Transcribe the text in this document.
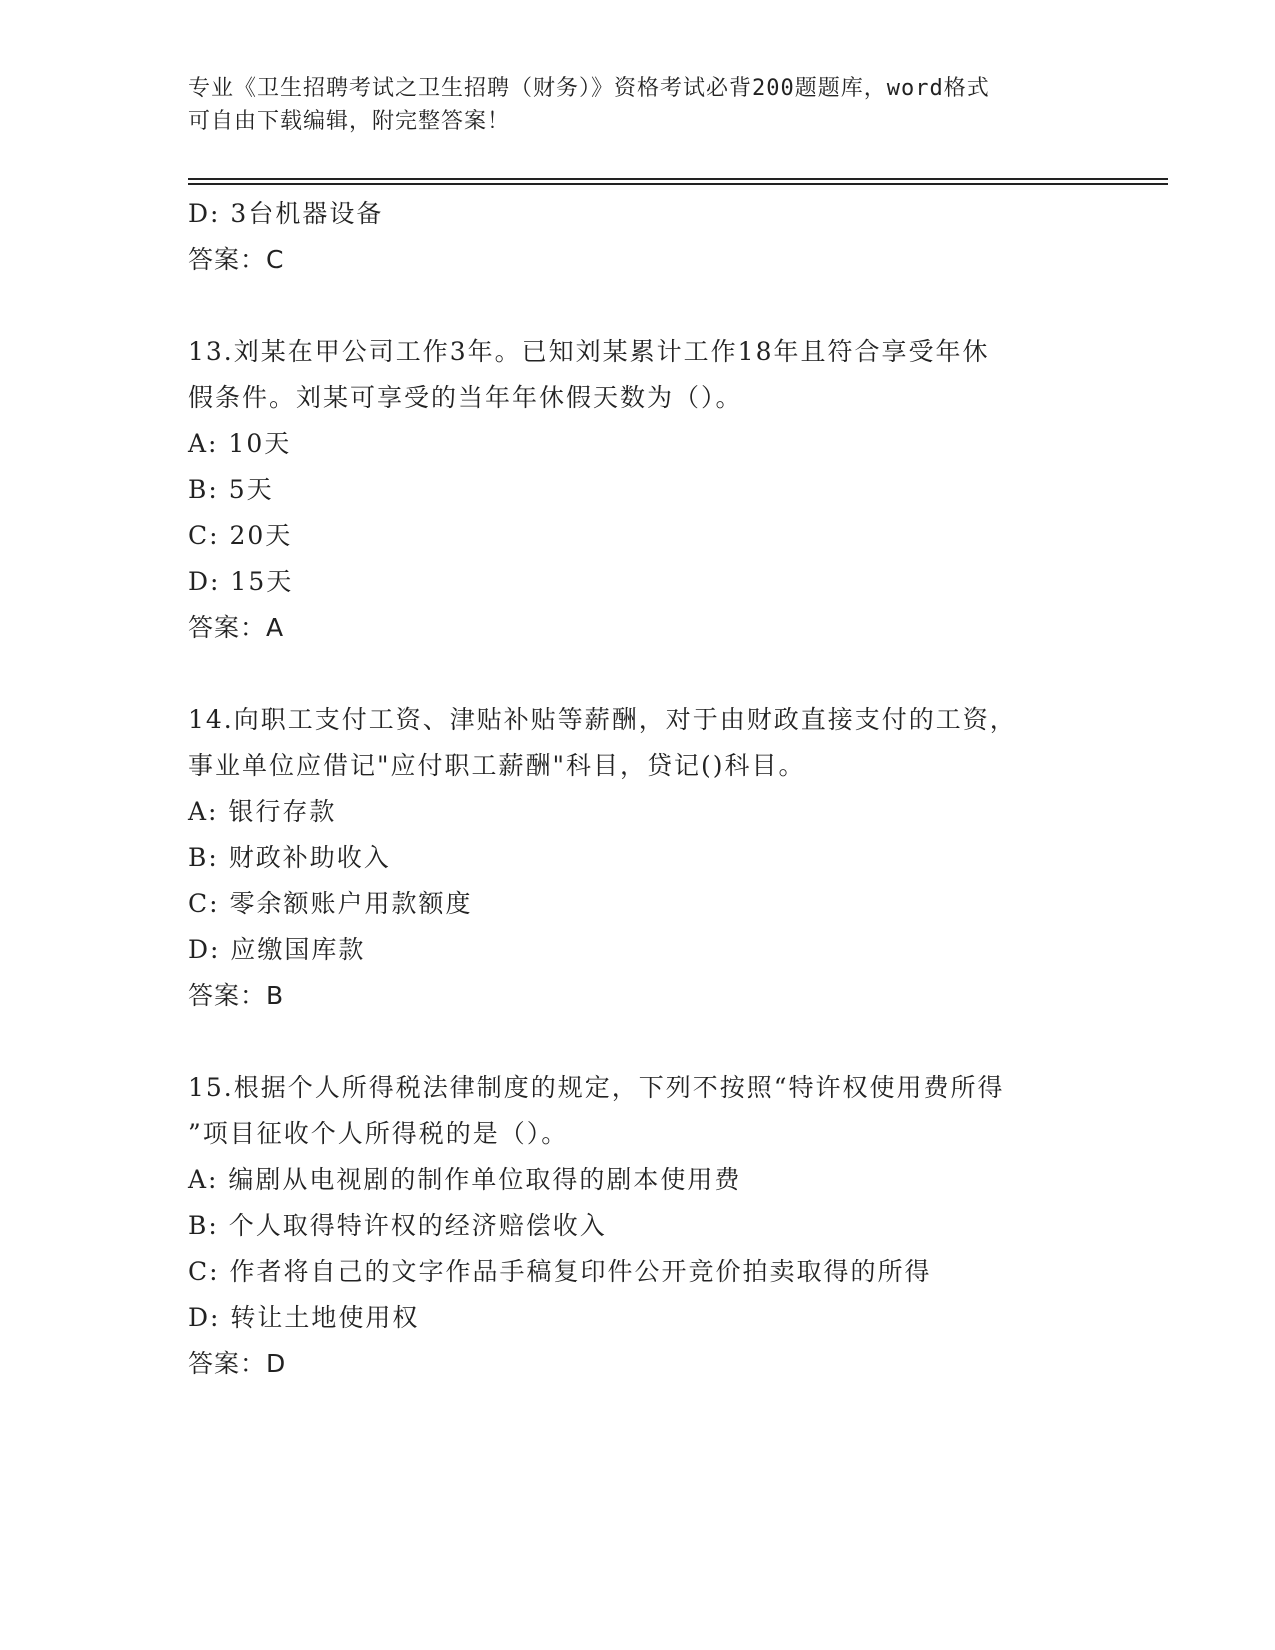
专业《卫生招聘考试之卫生招聘（财务）》资格考试必背200题题库，word格式
可自由下载编辑，附完整答案！
D: 3台机器设备
答案：C
13.刘某在甲公司工作3年。已知刘某累计工作18年且符合享受年休
假条件。刘某可享受的当年年休假天数为（）。
A: 10天
B: 5天
C: 20天
D: 15天
答案：A
14.向职工支付工资、津贴补贴等薪酬，对于由财政直接支付的工资，
事业单位应借记"应付职工薪酬"科目，贷记()科目。
A: 银行存款
B: 财政补助收入
C: 零余额账户用款额度
D: 应缴国库款
答案：B
15.根据个人所得税法律制度的规定，下列不按照“特许权使用费所得
”项目征收个人所得税的是（）。
A: 编剧从电视剧的制作单位取得的剧本使用费
B: 个人取得特许权的经济赔偿收入
C: 作者将自己的文字作品手稿复印件公开竞价拍卖取得的所得
D: 转让土地使用权
答案：D
